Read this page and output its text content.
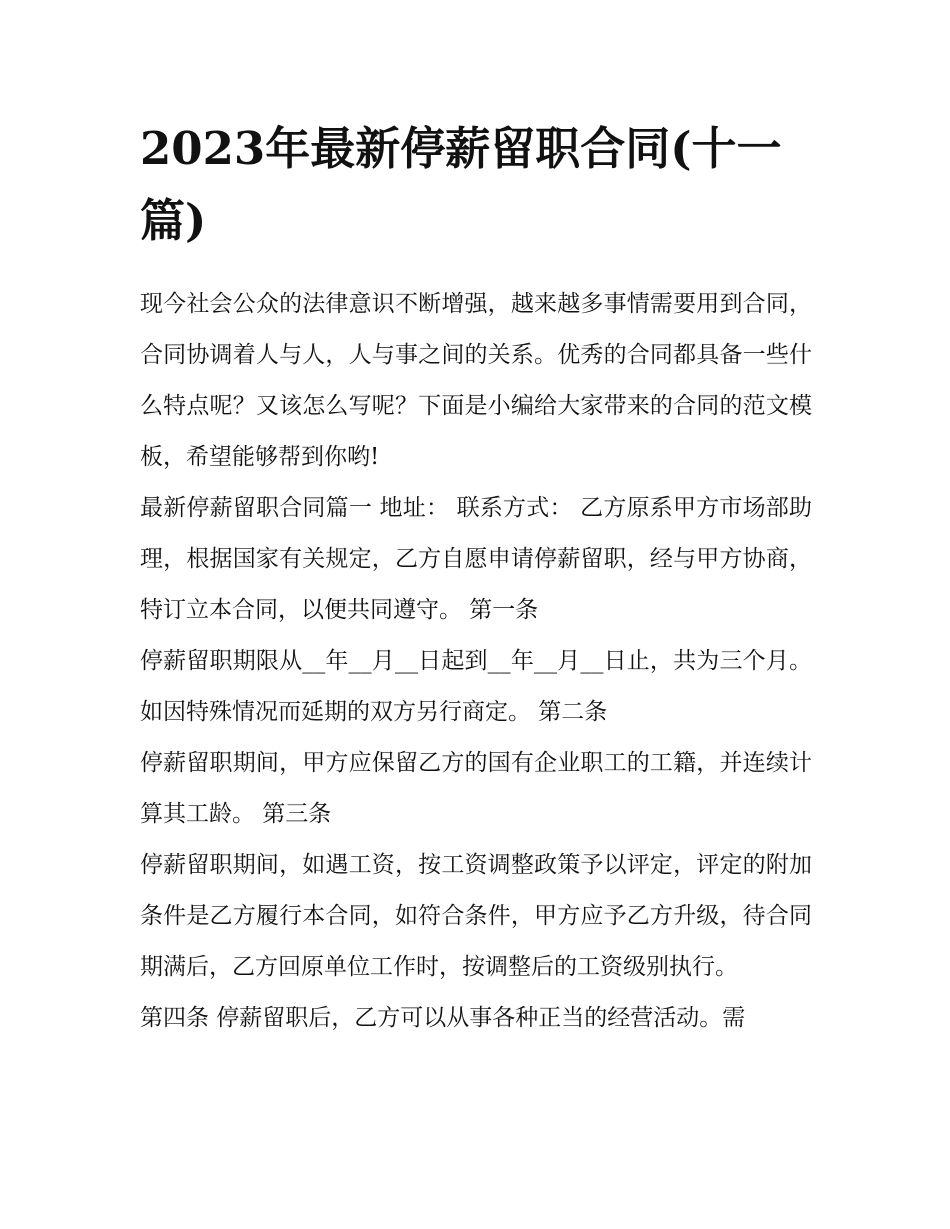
2023年最新停薪留职合同(十一篇)

现今社会公众的法律意识不断增强，越来越多事情需要用到合同，合同协调着人与人，人与事之间的关系。优秀的合同都具备一些什么特点呢？又该怎么写呢？下面是小编给大家带来的合同的范文模板，希望能够帮到你哟!

最新停薪留职合同篇一 地址： 联系方式： 乙方原系甲方市场部助理，根据国家有关规定，乙方自愿申请停薪留职，经与甲方协商，特订立本合同，以便共同遵守。 第一条

停薪留职期限从__年__月__日起到__年__月__日止，共为三个月。如因特殊情况而延期的双方另行商定。 第二条

停薪留职期间，甲方应保留乙方的国有企业职工的工籍，并连续计算其工龄。 第三条

停薪留职期间，如遇工资，按工资调整政策予以评定，评定的附加条件是乙方履行本合同，如符合条件，甲方应予乙方升级，待合同期满后，乙方回原单位工作时，按调整后的工资级别执行。

第四条 停薪留职后，乙方可以从事各种正当的经营活动。需
